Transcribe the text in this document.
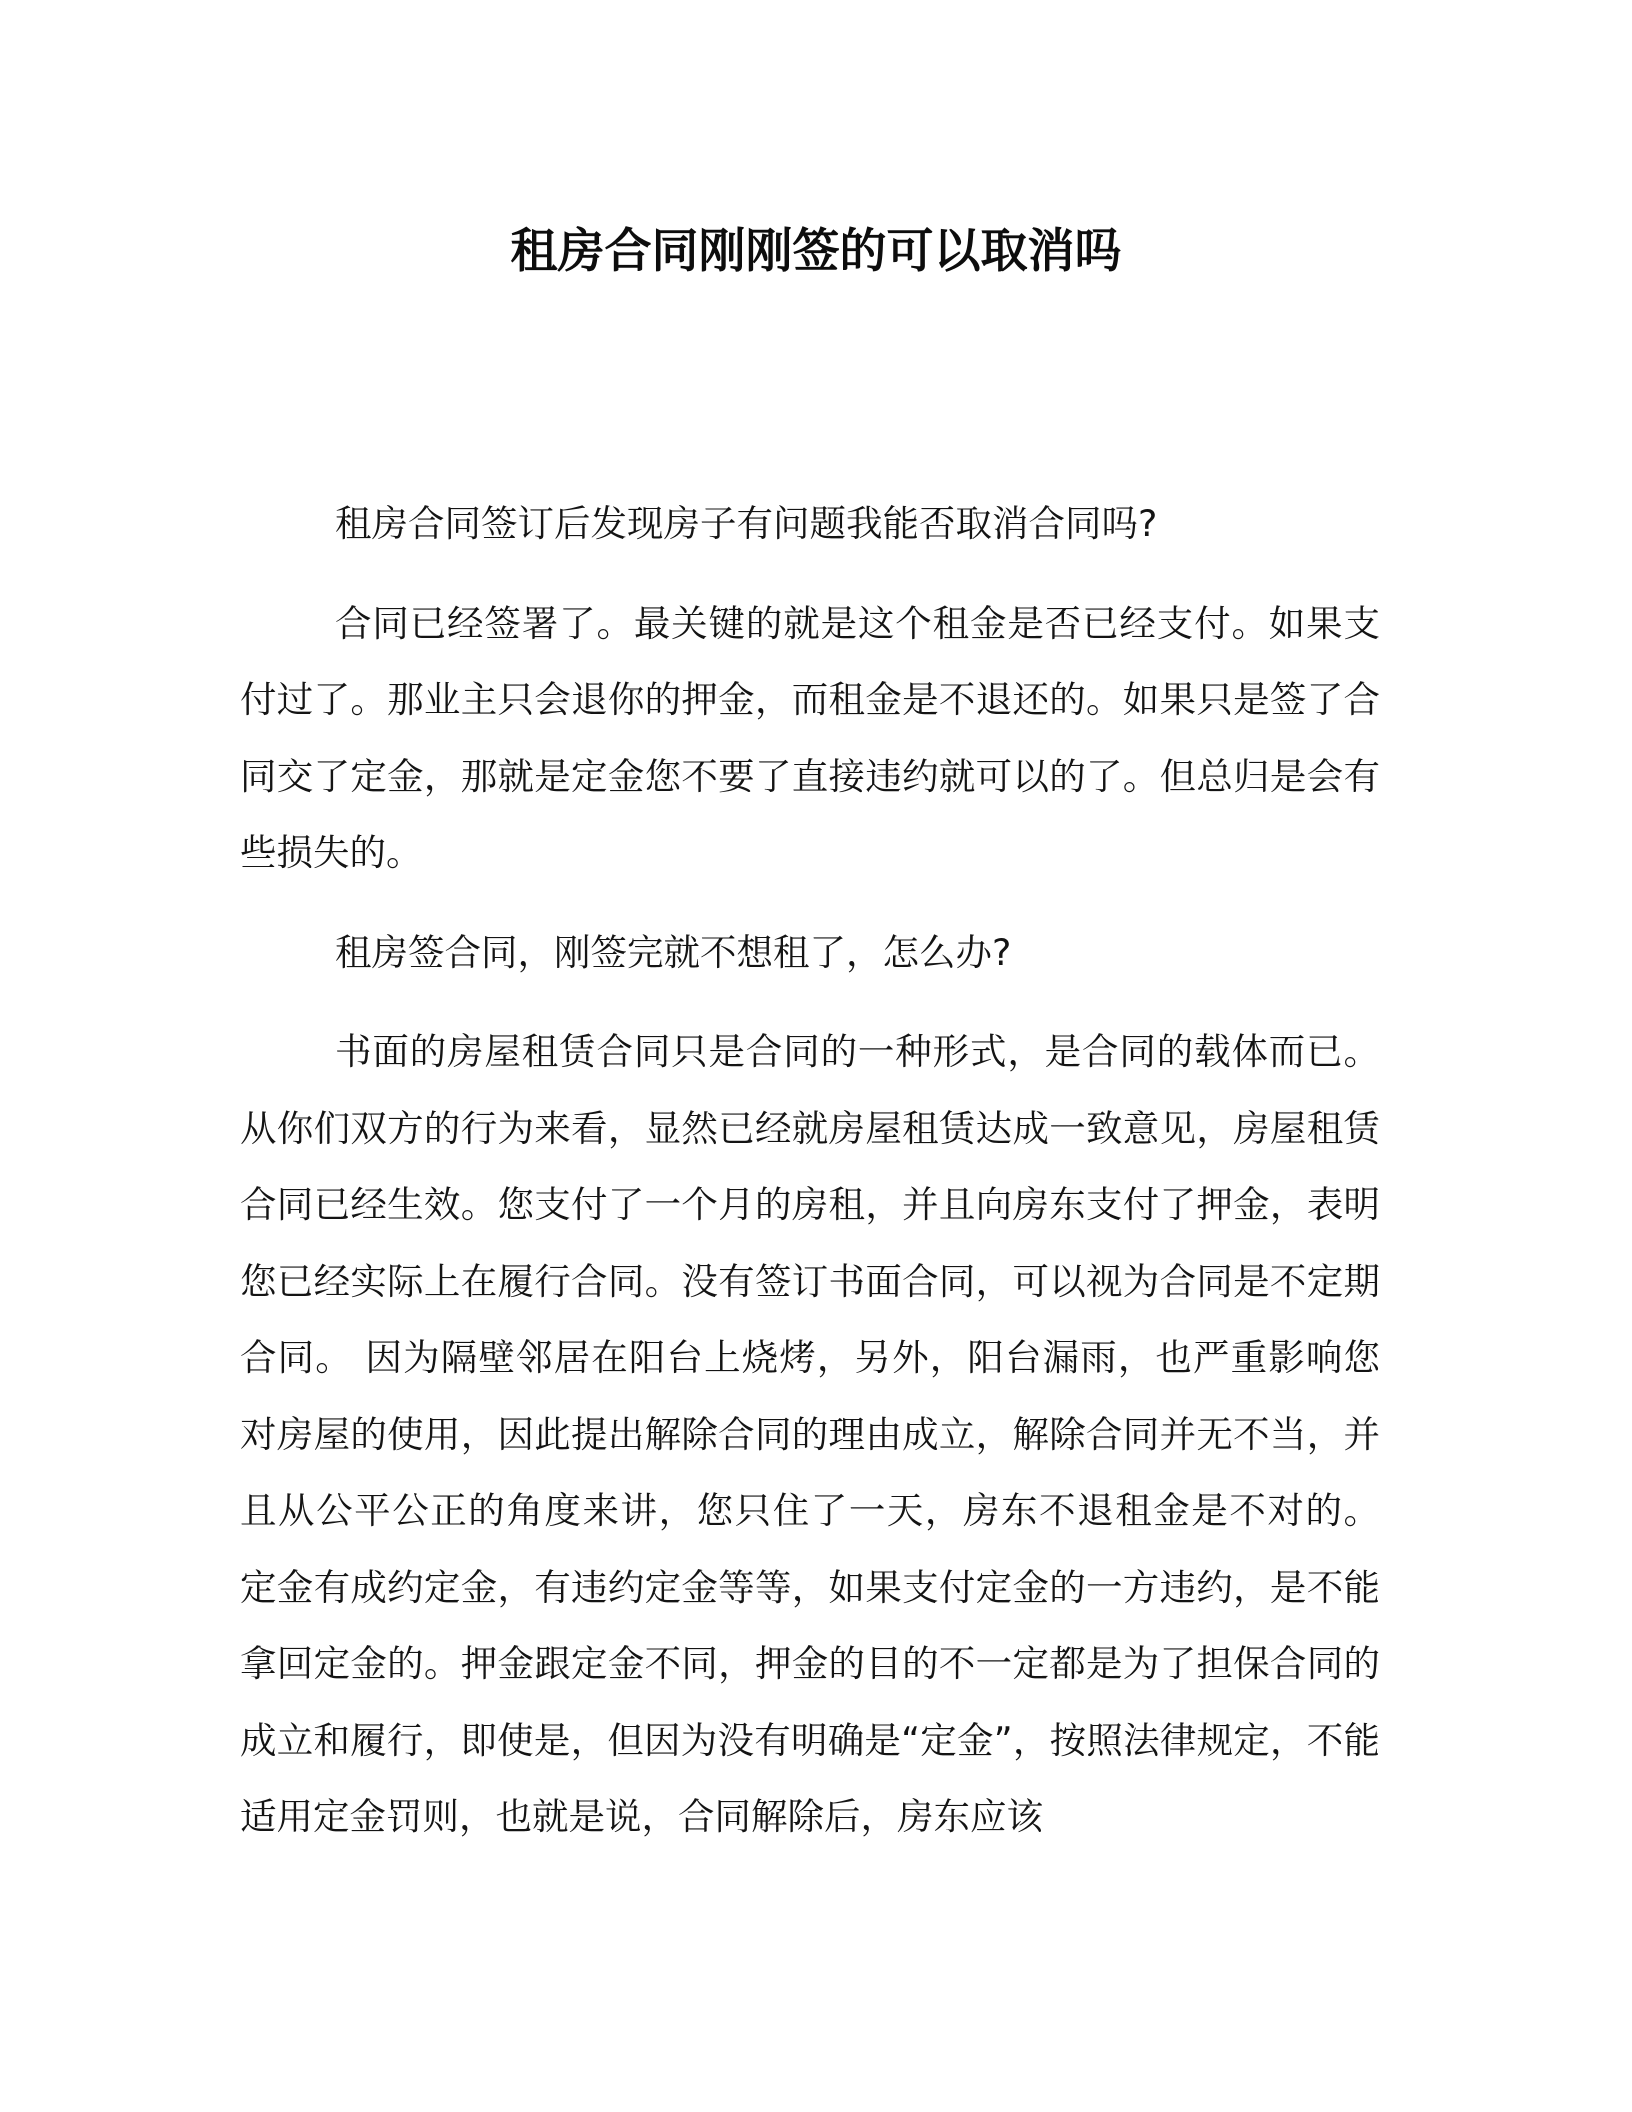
租房合同刚刚签的可以取消吗

租房合同签订后发现房子有问题我能否取消合同吗?

合同已经签署了。最关键的就是这个租金是否已经支付。如果支付过了。那业主只会退你的押金，而租金是不退还的。如果只是签了合同交了定金，那就是定金您不要了直接违约就可以的了。但总归是会有些损失的。

租房签合同，刚签完就不想租了，怎么办?

书面的房屋租赁合同只是合同的一种形式，是合同的载体而已。从你们双方的行为来看，显然已经就房屋租赁达成一致意见，房屋租赁合同已经生效。您支付了一个月的房租，并且向房东支付了押金，表明您已经实际上在履行合同。没有签订书面合同，可以视为合同是不定期合同。 因为隔壁邻居在阳台上烧烤，另外，阳台漏雨，也严重影响您对房屋的使用，因此提出解除合同的理由成立，解除合同并无不当，并且从公平公正的角度来讲，您只住了一天，房东不退租金是不对的。 定金有成约定金，有违约定金等等，如果支付定金的一方违约，是不能拿回定金的。押金跟定金不同，押金的目的不一定都是为了担保合同的成立和履行，即使是，但因为没有明确是“定金”，按照法律规定，不能适用定金罚则，也就是说，合同解除后，房东应该
